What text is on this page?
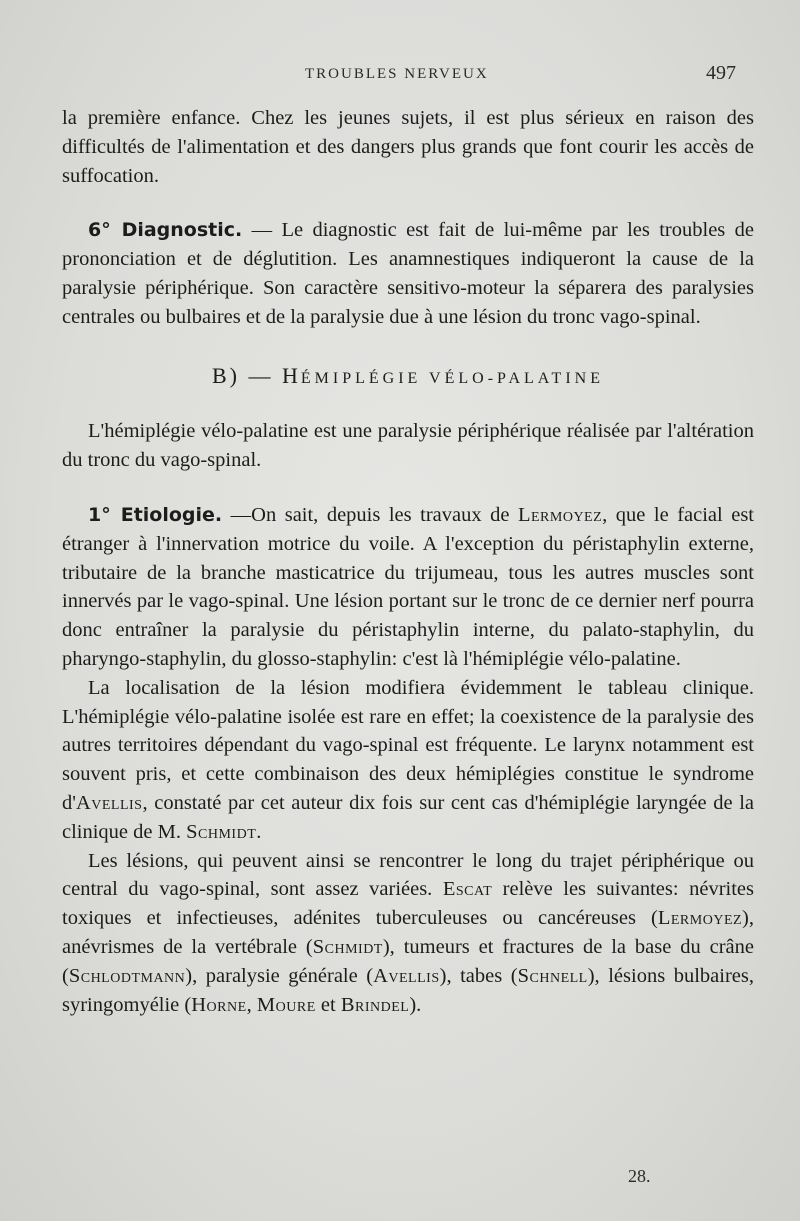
TROUBLES NERVEUX	497

la première enfance. Chez les jeunes sujets, il est plus sérieux en raison des difficultés de l'alimentation et des dangers plus grands que font courir les accès de suffocation.

6° Diagnostic. — Le diagnostic est fait de lui-même par les troubles de prononciation et de déglutition. Les anamnestiques indiqueront la cause de la paralysie périphérique. Son caractère sensitivo-moteur la séparera des paralysies centrales ou bulbaires et de la paralysie due à une lésion du tronc vago-spinal.

B) — HÉMIPLÉGIE VÉLO-PALATINE

L'hémiplégie vélo-palatine est une paralysie périphérique réalisée par l'altération du tronc du vago-spinal.

1° Etiologie. —On sait, depuis les travaux de Lermoyez, que le facial est étranger à l'innervation motrice du voile. A l'exception du péristaphylin externe, tributaire de la branche masticatrice du trijumeau, tous les autres muscles sont innervés par le vago-spinal. Une lésion portant sur le tronc de ce dernier nerf pourra donc entraîner la paralysie du péristaphylin interne, du palato-staphylin, du pharyngo-staphylin, du glosso-staphylin: c'est là l'hémiplégie vélo-palatine.

La localisation de la lésion modifiera évidemment le tableau clinique. L'hémiplégie vélo-palatine isolée est rare en effet; la coexistence de la paralysie des autres territoires dépendant du vago-spinal est fréquente. Le larynx notamment est souvent pris, et cette combinaison des deux hémiplégies constitue le syndrome d'Avellis, constaté par cet auteur dix fois sur cent cas d'hémiplégie laryngée de la clinique de M. Schmidt.

Les lésions, qui peuvent ainsi se rencontrer le long du trajet périphérique ou central du vago-spinal, sont assez variées. Escat relève les suivantes: névrites toxiques et infectieuses, adénites tuberculeuses ou cancéreuses (Lermoyez), anévrismes de la vertébrale (Schmidt), tumeurs et fractures de la base du crâne (Schlodtmann), paralysie générale (Avellis), tabes (Schnell), lésions bulbaires, syringomyélie (Horne, Moure et Brindel).

28.
